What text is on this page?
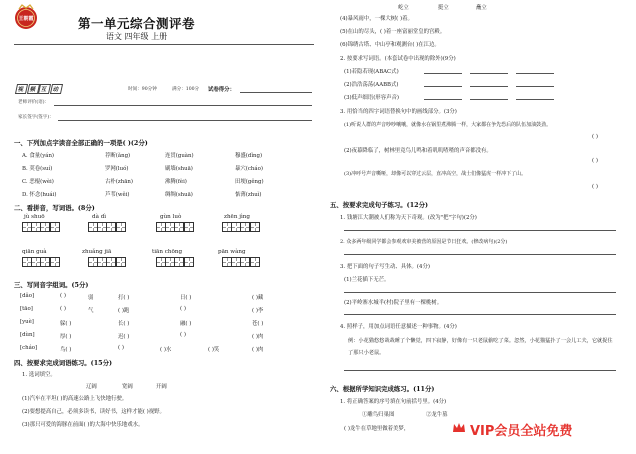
王朝霞	第一单元综合测评卷
语文 四年级 上册
视 频 互 动	时间：90分钟	满分：100分 试卷得分：
老师评价(语)：
家长签字(签字)：
一、下列加点字读音全部正确的一项是( )(2分)
A. 食量(yán)	荐断(ǎng)	连贯(guàn)	穆盛(dǐng)
B. 荚卷(suí)	罗网(luó)	刷墙(shuā)	暴穴(cháo)
C. 恶棍(wèi)	古朴(zhān)	沸腾(fèi)	田埂(gěng)
D. 怀念(huái)	芦苇(wěi)	绸绸(shuā)	惦薄(zhuì)
二、看拼音，写词语。(8分)
jù shuō	dà dì	gùn luò	zhēn jìng
qiān guà	zhuǎng jiā	tiān chōng	pān wàng
三、写同音字组词。(5分)
[dǎo]	( )	弱	打( )	日( )	( )藏
[tāo]	( )	气	( )跑	( )	( )李
[yuè]	躲( )	长( )	融( )	苍( )
[dùn]	厚( )	迟( )	( )	( )肉
[cháo]	鸟( )	( )	( )水	( )笑	( )肉
四、按要求完成词语练习。(15分)
1. 选词填空。
辽阔	宽阔	开阔
(1)汽车在平坦( )的高速公路上飞快地行驶。
(2)要想提高自己，必须多读书，读好书，这样才能( )视野。
(3)那只可爱的海豚在前面( )的大海中快乐地戏水。
屹立	挺立	矗立
(4)暴风雨中，一棵大树( )着。
(5)在山的尽头，( )着一座富丽堂皇的宫殿。
(6)锦绣古塔、中山亭和观测台( )在江边。
2. 按要求写词语。(本套试卷中出现的除外)(9分)
(1)若隐若现(ABAC式)
(2)浩浩荡荡(AABB式)
(3)低声细语(形容声音)
3. 用恰当的四字词语替换句中的画线部分。(3分)
(1)听说人群的声音吵吵嚷嚷，就像水在锅里煮沸腾一样，大家都在争先恐后的队伍加油鼓劲。
( )
(2)夜幕降临了，树林里竟鸟儿鸣和着叽叽喳喳的声音都没有。
( )
(3)冲呼号声音嘶哑，却像可以穿过云层，直冲高空，战士们像猛虎一样冲下了山。
( )
五、按要求完成句子练习。(12分)
1. 钱塘江大潮被人们称为天下奇观。(改为"把"字句)(2分)
2. 众多两年级同学都会参观欢审美被营的原因是节日狂欢。(修改病句)(2分)
3. 把下面的句子写生动、具体。(4分)
(1)兰花插下无芒。
(2)平岭寨水城半(村)院子里有一棵桃树。
4. 照样子，用加点词语任意描述一种事物。(4分)
例：小花猫悠悠哉哉睡了个懒觉，四下寂静，好像有一只老鼠偷吃了菜。忽然，小花猫猛扑了一会儿工夫，它就捉住了那只小老鼠。
六、根据所学知识完成练习。(11分)
1. 将正确答案的序号填在句前括号里。(4分)
①雕鸟归巢图	②龙牛墓
( )龙牛在草地里做着美梦，	VIP会员全站免费
